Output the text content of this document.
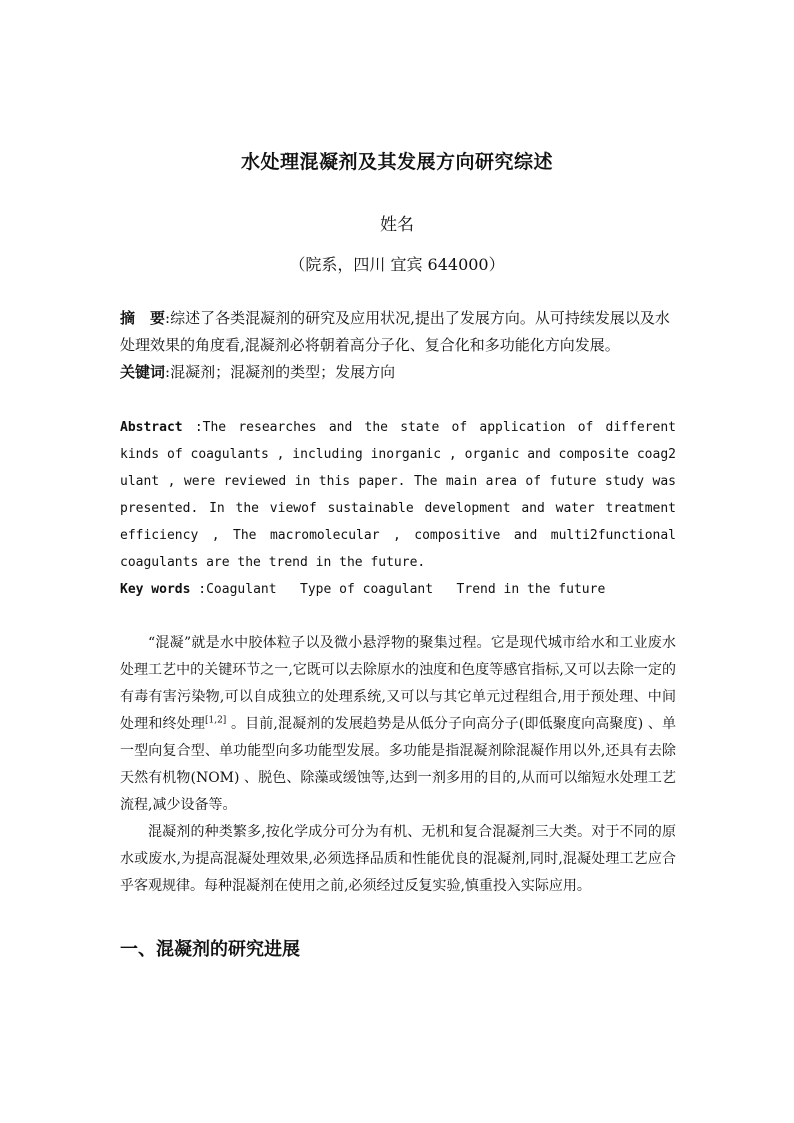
水处理混凝剂及其发展方向研究综述
姓名
（院系，四川 宜宾 644000）
摘　要:综述了各类混凝剂的研究及应用状况,提出了发展方向。从可持续发展以及水处理效果的角度看,混凝剂必将朝着高分子化、复合化和多功能化方向发展。
关键词:混凝剂；混凝剂的类型；发展方向
Abstract :The researches and the state of application of different kinds of coagulants , including inorganic , organic and composite coag2 ulant , were reviewed in this paper. The main area of future study was presented. In the viewof sustainable development and water treatment efficiency , The macromolecular , compositive and multi2functional coagulants are the trend in the future.
Key words :Coagulant   Type of coagulant   Trend in the future

“混凝”就是水中胶体粒子以及微小悬浮物的聚集过程。它是现代城市给水和工业废水处理工艺中的关键环节之一,它既可以去除原水的浊度和色度等感官指标,又可以去除一定的有毒有害污染物,可以自成独立的处理系统,又可以与其它单元过程组合,用于预处理、中间处理和终处理[1,2] 。目前,混凝剂的发展趋势是从低分子向高分子(即低聚度向高聚度) 、单一型向复合型、单功能型向多功能型发展。多功能是指混凝剂除混凝作用以外,还具有去除天然有机物(NOM) 、脱色、除藻或缓蚀等,达到一剂多用的目的,从而可以缩短水处理工艺流程,减少设备等。

混凝剂的种类繁多,按化学成分可分为有机、无机和复合混凝剂三大类。对于不同的原水或废水,为提高混凝处理效果,必须选择品质和性能优良的混凝剂,同时,混凝处理工艺应合乎客观规律。每种混凝剂在使用之前,必须经过反复实验,慎重投入实际应用。

一、混凝剂的研究进展
